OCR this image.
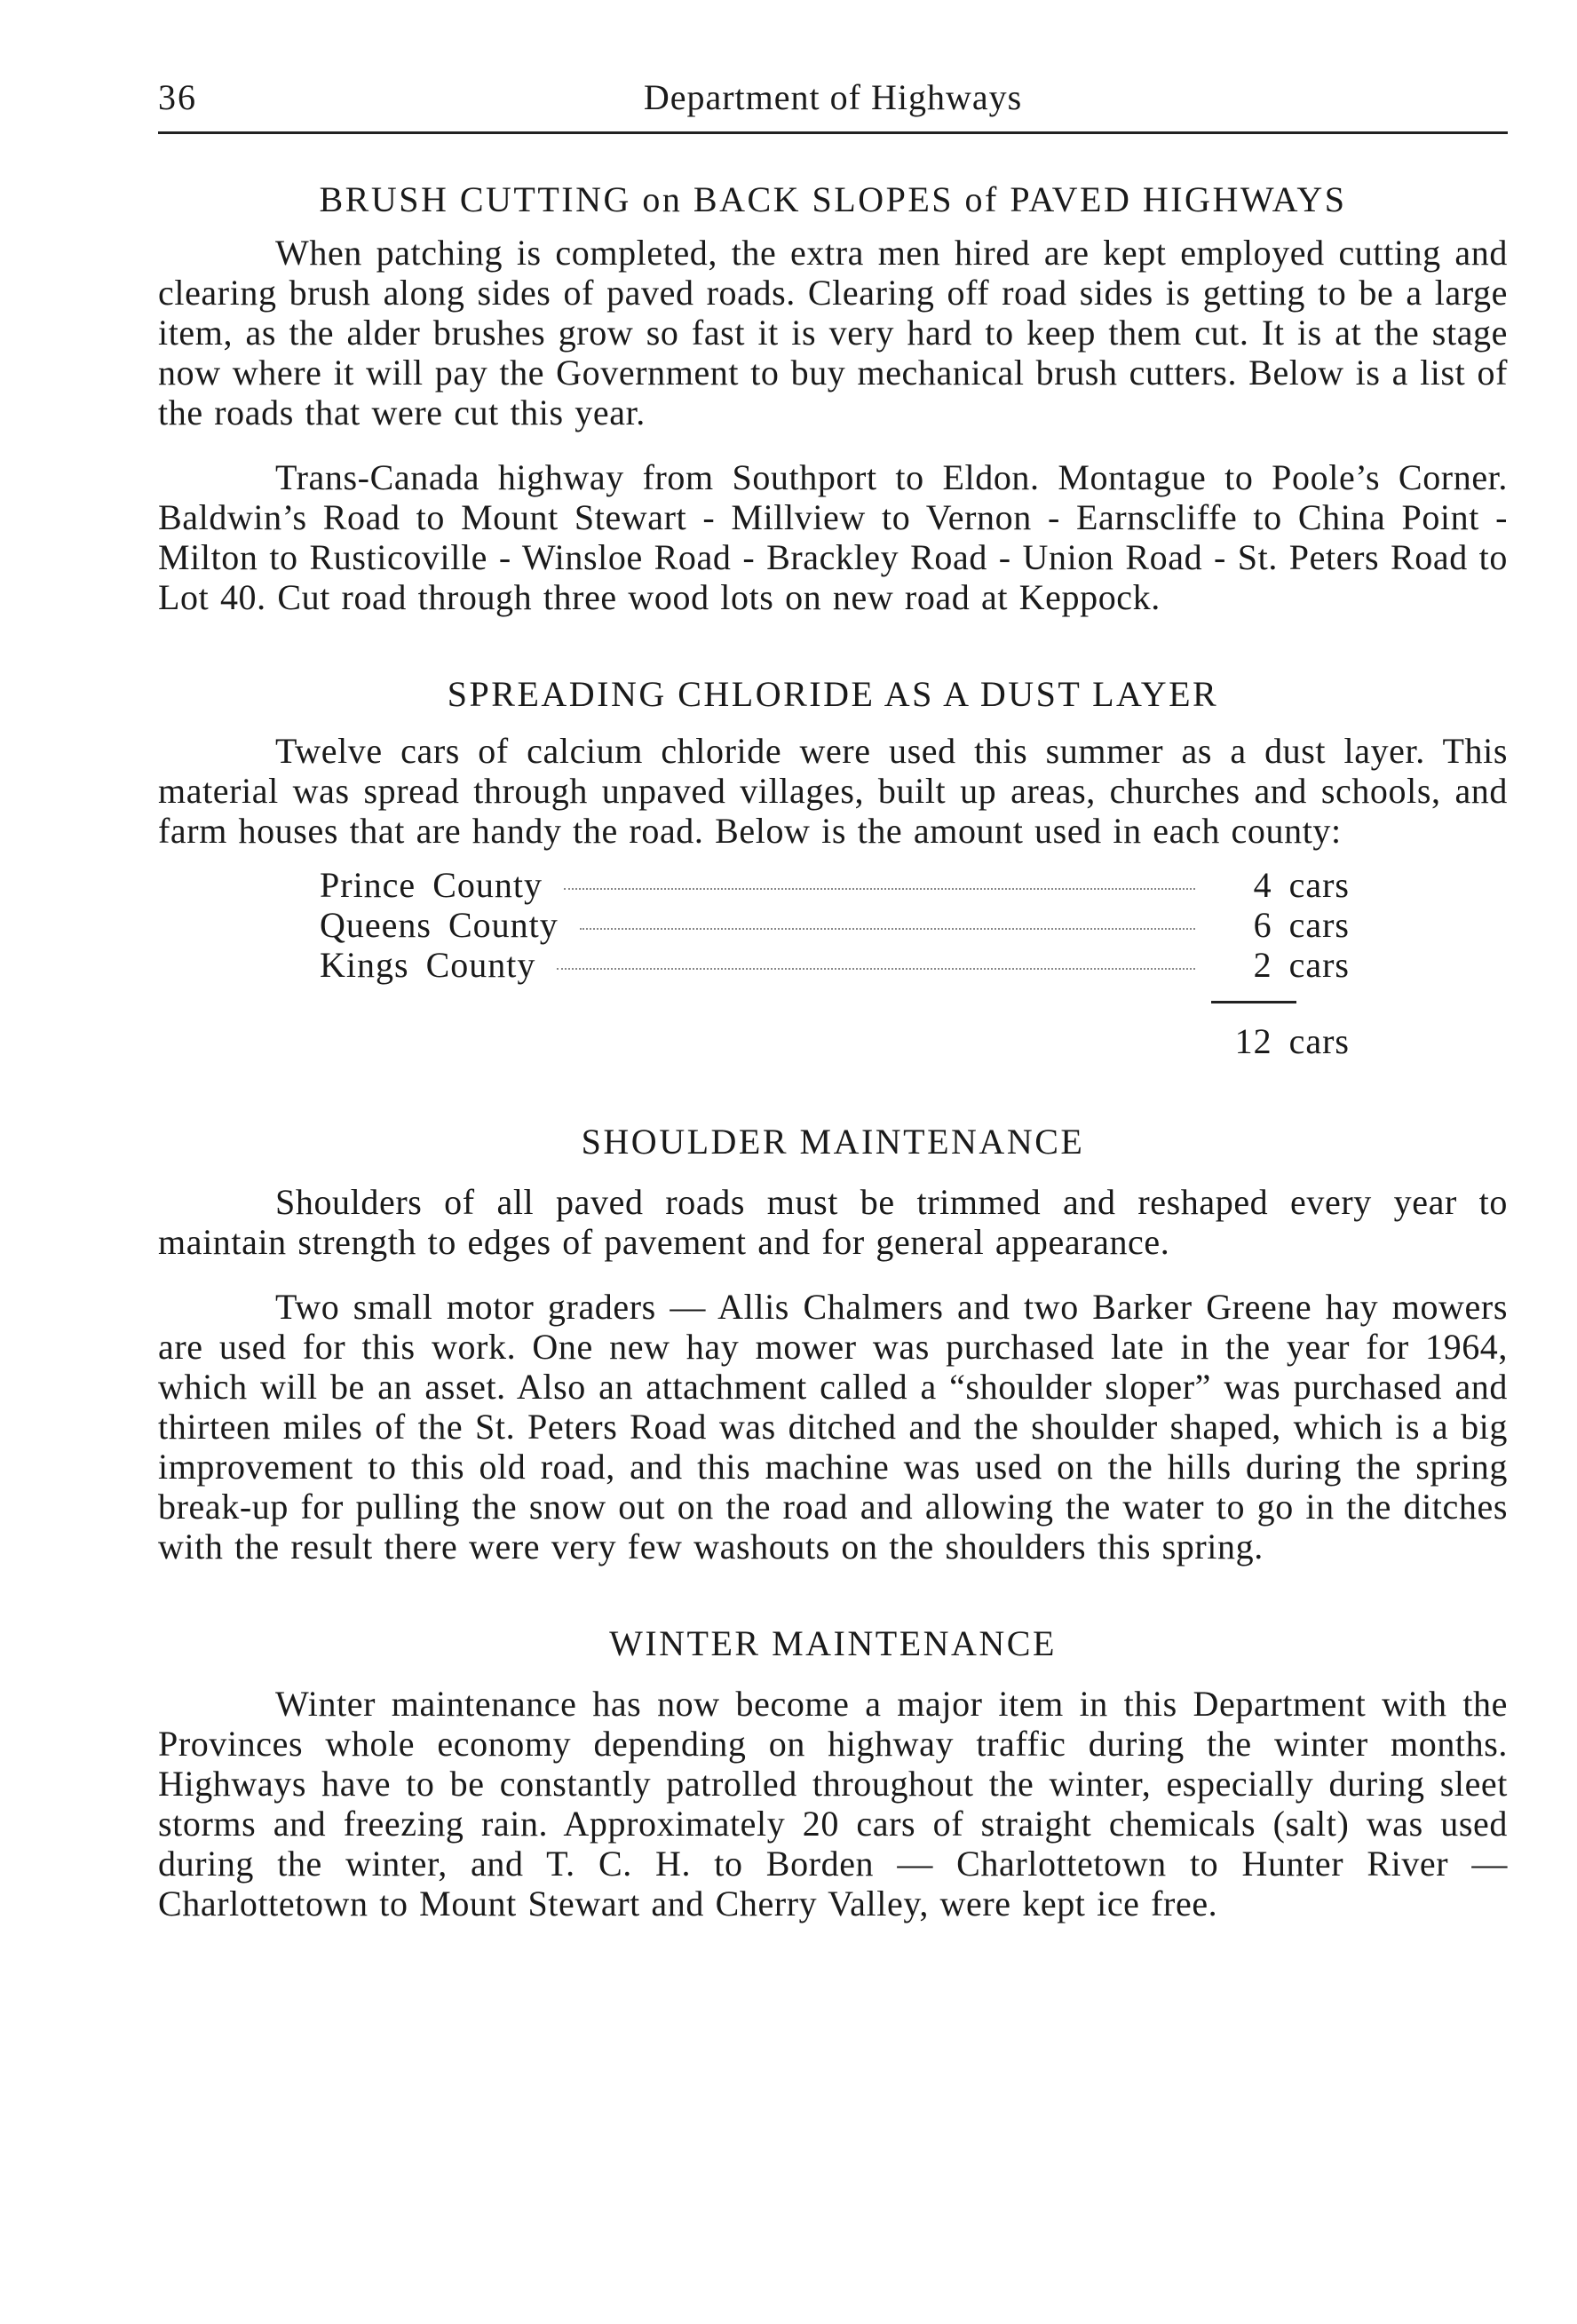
36	Department of Highways
BRUSH CUTTING on BACK SLOPES of PAVED HIGHWAYS

When patching is completed, the extra men hired are kept employed cutting and clearing brush along sides of paved roads. Clearing off road sides is getting to be a large item, as the alder brushes grow so fast it is very hard to keep them cut. It is at the stage now where it will pay the Government to buy mechanical brush cutters. Below is a list of the roads that were cut this year.

Trans-Canada highway from Southport to Eldon. Montague to Poole’s Corner. Baldwin’s Road to Mount Stewart - Millview to Vernon - Earnscliffe to China Point - Milton to Rusticoville - Winsloe Road - Brackley Road - Union Road - St. Peters Road to Lot 40. Cut road through three wood lots on new road at Keppock.

SPREADING CHLORIDE AS A DUST LAYER

Twelve cars of calcium chloride were used this summer as a dust layer. This material was spread through unpaved villages, built up areas, churches and schools, and farm houses that are handy the road. Below is the amount used in each county:

Prince County	4 cars
Queens County	6 cars
Kings County	2 cars
12 cars
SHOULDER MAINTENANCE

Shoulders of all paved roads must be trimmed and reshaped every year to maintain strength to edges of pavement and for general appearance.

Two small motor graders — Allis Chalmers and two Barker Greene hay mowers are used for this work. One new hay mower was purchased late in the year for 1964, which will be an asset. Also an attachment called a “shoulder sloper” was purchased and thirteen miles of the St. Peters Road was ditched and the shoulder shaped, which is a big improvement to this old road, and this machine was used on the hills during the spring break-up for pulling the snow out on the road and allowing the water to go in the ditches with the result there were very few washouts on the shoulders this spring.

WINTER MAINTENANCE

Winter maintenance has now become a major item in this Department with the Provinces whole economy depending on highway traffic during the winter months. Highways have to be constantly patrolled throughout the winter, especially during sleet storms and freezing rain. Approximately 20 cars of straight chemicals (salt) was used during the winter, and T. C. H. to Borden — Charlottetown to Hunter River — Charlottetown to Mount Stewart and Cherry Valley, were kept ice free.
